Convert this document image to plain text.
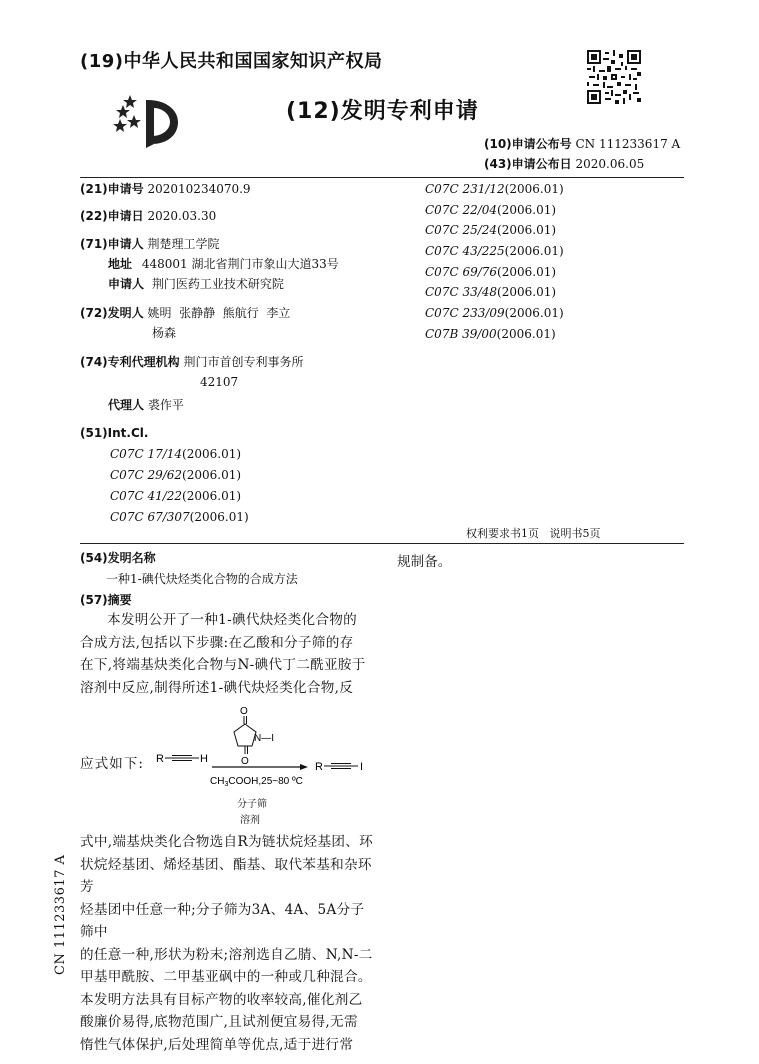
(19)中华人民共和国国家知识产权局
(12)发明专利申请
(10)申请公布号 CN 111233617 A
(43)申请公布日 2020.06.05
(21)申请号 202010234070.9
(22)申请日 2020.03.30
(71)申请人 荆楚理工学院
地址 448001 湖北省荆门市象山大道33号
申请人 荆门医药工业技术研究院
(72)发明人 姚明  张静静  熊航行  李立
杨森
(74)专利代理机构 荆门市首创专利事务所
42107
代理人 裘作平
(51)Int.Cl.
C07C 17/14(2006.01)
C07C 29/62(2006.01)
C07C 41/22(2006.01)
C07C 67/307(2006.01)
C07C 231/12(2006.01)
C07C 22/04(2006.01)
C07C 25/24(2006.01)
C07C 43/225(2006.01)
C07C 69/76(2006.01)
C07C 33/48(2006.01)
C07C 233/09(2006.01)
C07B 39/00(2006.01)
权利要求书1页   说明书5页
(54)发明名称
一种1-碘代炔烃类化合物的合成方法
(57)摘要

本发明公开了一种1-碘代炔烃类化合物的

合成方法,包括以下步骤:在乙酸和分子筛的存

在下,将端基炔类化合物与N-碘代丁二酰亚胺于

溶剂中反应,制得所述1-碘代炔烃类化合物,反

应式如下: R	H
O
N—I
O	R	I
$CH_3COOH,25\sim 80$ ºC
分子筛
溶剂

式中,端基炔类化合物选自R为链状烷烃基团、环

状烷烃基团、烯烃基团、酯基、取代苯基和杂环芳

烃基团中任意一种;分子筛为3A、4A、5A分子筛中

的任意一种,形状为粉末;溶剂选自乙腈、N,N-二

甲基甲酰胺、二甲基亚砜中的一种或几种混合。

本发明方法具有目标产物的收率较高,催化剂乙

酸廉价易得,底物范围广,且试剂便宜易得,无需

惰性气体保护,后处理简单等优点,适于进行常

规制备。
CN 111233617 A
